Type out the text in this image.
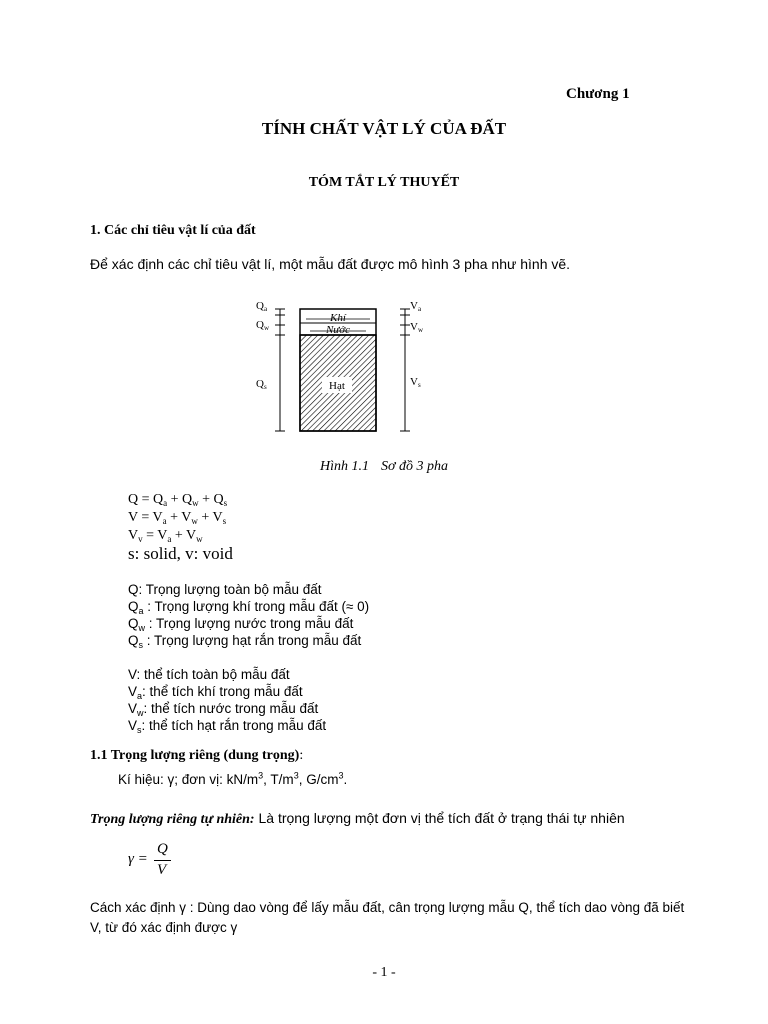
Chương 1
TÍNH CHẤT VẬT LÝ CỦA ĐẤT
TÓM TẮT LÝ THUYẾT
1. Các chỉ tiêu vật lí của đất
Để xác định các chỉ tiêu vật lí, một mẫu đất được mô hình 3 pha như hình vẽ.
Khí
Nước
Hạt
Qa
Qw
Qs
Va
Vw
Vs
Hình 1.1 Sơ đồ 3 pha
$Q = Q_a + Q_w + Q_s$
$V = V_a + V_w + V_s$
$V_v = V_a + V_w$
s: solid, v: void
Q: Trọng lượng toàn bộ mẫu đất
$Q_a$ : Trọng lượng khí trong mẫu đất (≈ 0)
$Q_w$ : Trọng lượng nước trong mẫu đất
$Q_s$ : Trọng lượng hạt rắn trong mẫu đất
V: thể tích toàn bộ mẫu đất
$V_a$: thể tích khí trong mẫu đất
$V_w$: thể tích nước trong mẫu đất
$V_s$: thể tích hạt rắn trong mẫu đất
1.1 Trọng lượng riêng (dung trọng):
Kí hiệu: γ; đơn vị: $kN/m^3$, $T/m^3$, $G/cm^3$.
Trọng lượng riêng tự nhiên: Là trọng lượng một đơn vị thể tích đất ở trạng thái tự nhiên
γ =
Q
V
Cách xác định γ : Dùng dao vòng để lấy mẫu đất, cân trọng lượng mẫu Q, thể tích dao vòng đã biết V, từ đó xác định được γ
- 1 -
